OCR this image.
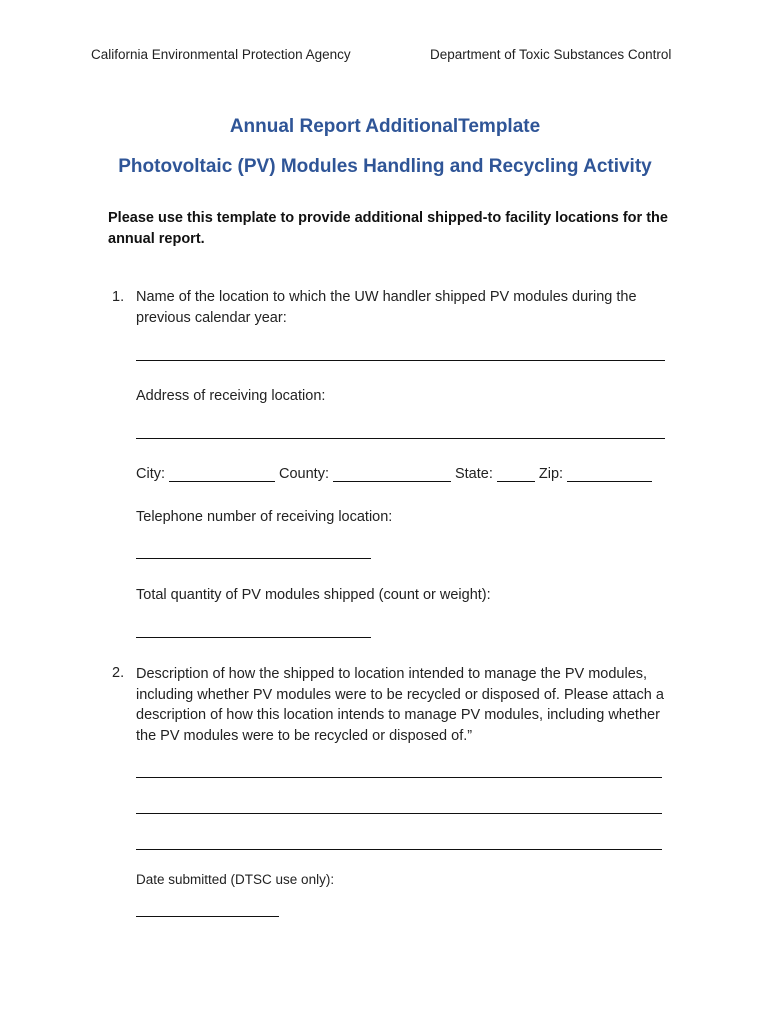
California Environmental Protection Agency	Department of Toxic Substances Control
Annual Report AdditionalTemplate
Photovoltaic (PV) Modules Handling and Recycling Activity
Please use this template to provide additional shipped-to facility locations for the annual report.
1. Name of the location to which the UW handler shipped PV modules during the previous calendar year:
Address of receiving location:
City:	County:	State:	Zip:
Telephone number of receiving location:
Total quantity of PV modules shipped (count or weight):
2. Description of how the shipped to location intended to manage the PV modules, including whether PV modules were to be recycled or disposed of. Please attach a description of how this location intends to manage PV modules, including whether the PV modules were to be recycled or disposed of.”
Date submitted (DTSC use only):
